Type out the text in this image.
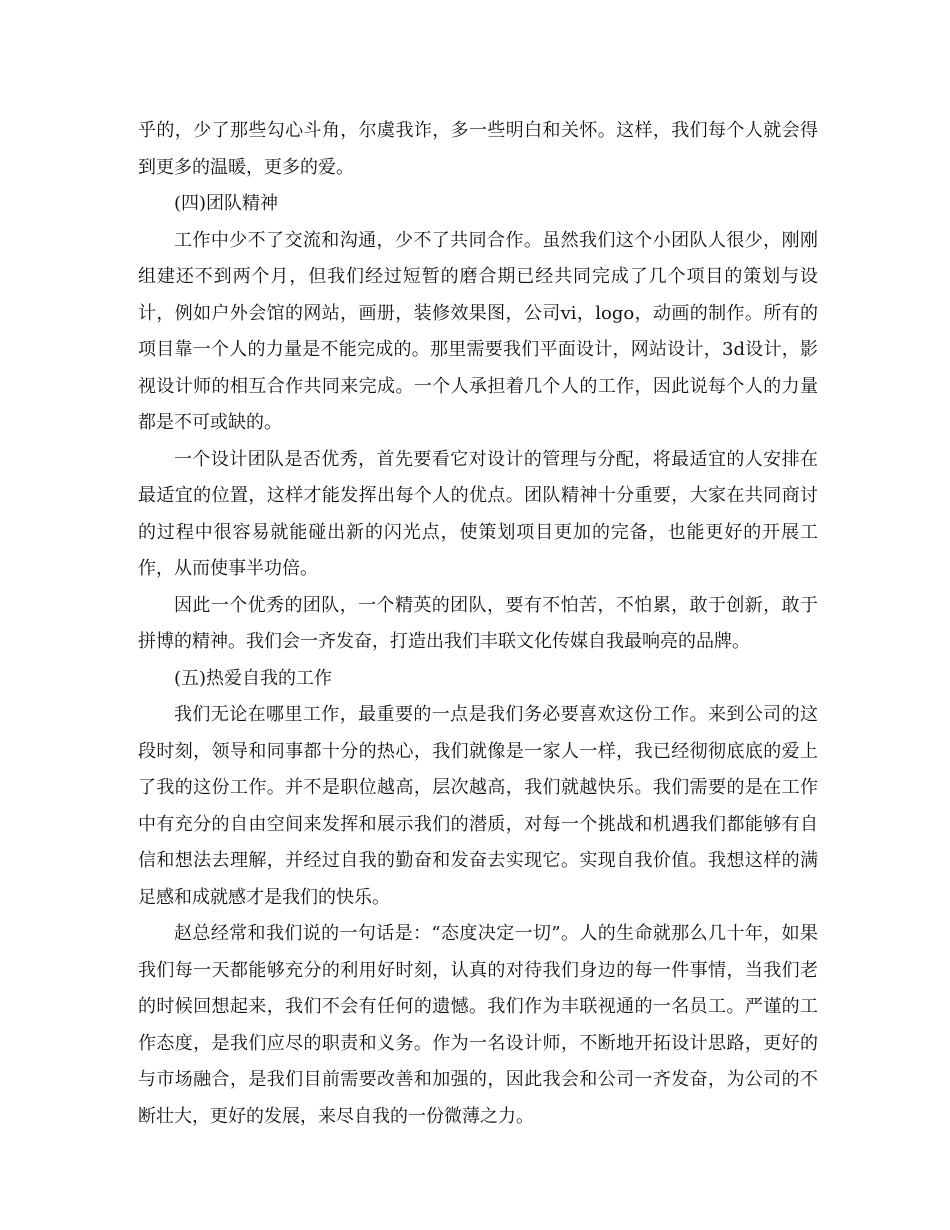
乎的，少了那些勾心斗角，尔虞我诈，多一些明白和关怀。这样，我们每个人就会得到更多的温暖，更多的爱。

(四)团队精神

工作中少不了交流和沟通，少不了共同合作。虽然我们这个小团队人很少，刚刚组建还不到两个月，但我们经过短暂的磨合期已经共同完成了几个项目的策划与设计，例如户外会馆的网站，画册，装修效果图，公司vi，logo，动画的制作。所有的项目靠一个人的力量是不能完成的。那里需要我们平面设计，网站设计，3d设计，影视设计师的相互合作共同来完成。一个人承担着几个人的工作，因此说每个人的力量都是不可或缺的。

一个设计团队是否优秀，首先要看它对设计的管理与分配，将最适宜的人安排在最适宜的位置，这样才能发挥出每个人的优点。团队精神十分重要，大家在共同商讨的过程中很容易就能碰出新的闪光点，使策划项目更加的完备，也能更好的开展工作，从而使事半功倍。

因此一个优秀的团队，一个精英的团队，要有不怕苦，不怕累，敢于创新，敢于拼博的精神。我们会一齐发奋，打造出我们丰联文化传媒自我最响亮的品牌。

(五)热爱自我的工作

我们无论在哪里工作，最重要的一点是我们务必要喜欢这份工作。来到公司的这段时刻，领导和同事都十分的热心，我们就像是一家人一样，我已经彻彻底底的爱上了我的这份工作。并不是职位越高，层次越高，我们就越快乐。我们需要的是在工作中有充分的自由空间来发挥和展示我们的潜质，对每一个挑战和机遇我们都能够有自信和想法去理解，并经过自我的勤奋和发奋去实现它。实现自我价值。我想这样的满足感和成就感才是我们的快乐。

赵总经常和我们说的一句话是：“态度决定一切”。人的生命就那么几十年，如果我们每一天都能够充分的利用好时刻，认真的对待我们身边的每一件事情，当我们老的时候回想起来，我们不会有任何的遗憾。我们作为丰联视通的一名员工。严谨的工作态度，是我们应尽的职责和义务。作为一名设计师，不断地开拓设计思路，更好的与市场融合，是我们目前需要改善和加强的，因此我会和公司一齐发奋，为公司的不断壮大，更好的发展，来尽自我的一份微薄之力。
